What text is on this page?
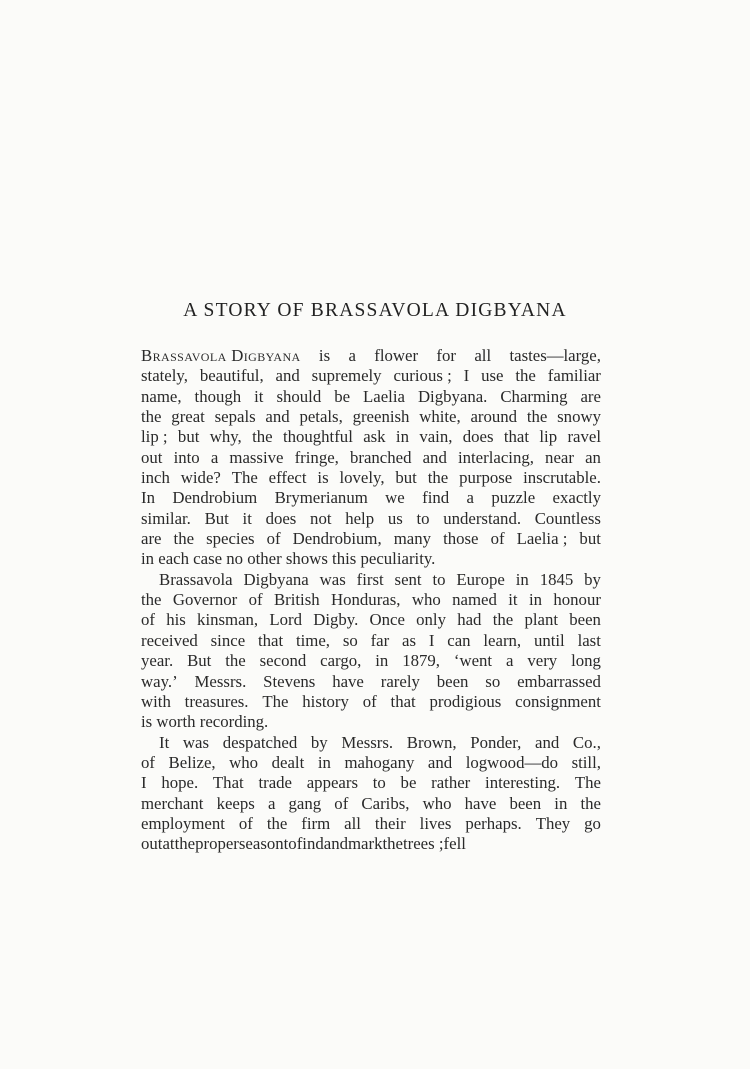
A STORY OF BRASSAVOLA DIGBYANA
Brassavola Digbyana is a flower for all tastes—large,
stately, beautiful, and supremely curious ; I use the familiar
name, though it should be Laelia Digbyana. Charming are
the great sepals and petals, greenish white, around the snowy
lip ; but why, the thoughtful ask in vain, does that lip ravel
out into a massive fringe, branched and interlacing, near an
inch wide? The effect is lovely, but the purpose inscrutable.
In Dendrobium Brymerianum we find a puzzle exactly
similar. But it does not help us to understand. Countless
are the species of Dendrobium, many those of Laelia ; but
in each case no other shows this peculiarity.
Brassavola Digbyana was first sent to Europe in 1845 by
the Governor of British Honduras, who named it in honour
of his kinsman, Lord Digby. Once only had the plant been
received since that time, so far as I can learn, until last
year. But the second cargo, in 1879, ‘went a very long
way.’ Messrs. Stevens have rarely been so embarrassed
with treasures. The history of that prodigious consignment
is worth recording.
It was despatched by Messrs. Brown, Ponder, and Co.,
of Belize, who dealt in mahogany and logwood—do still,
I hope. That trade appears to be rather interesting. The
merchant keeps a gang of Caribs, who have been in the
employment of the firm all their lives perhaps. They go
out at the proper season to find and mark the trees ; fell
